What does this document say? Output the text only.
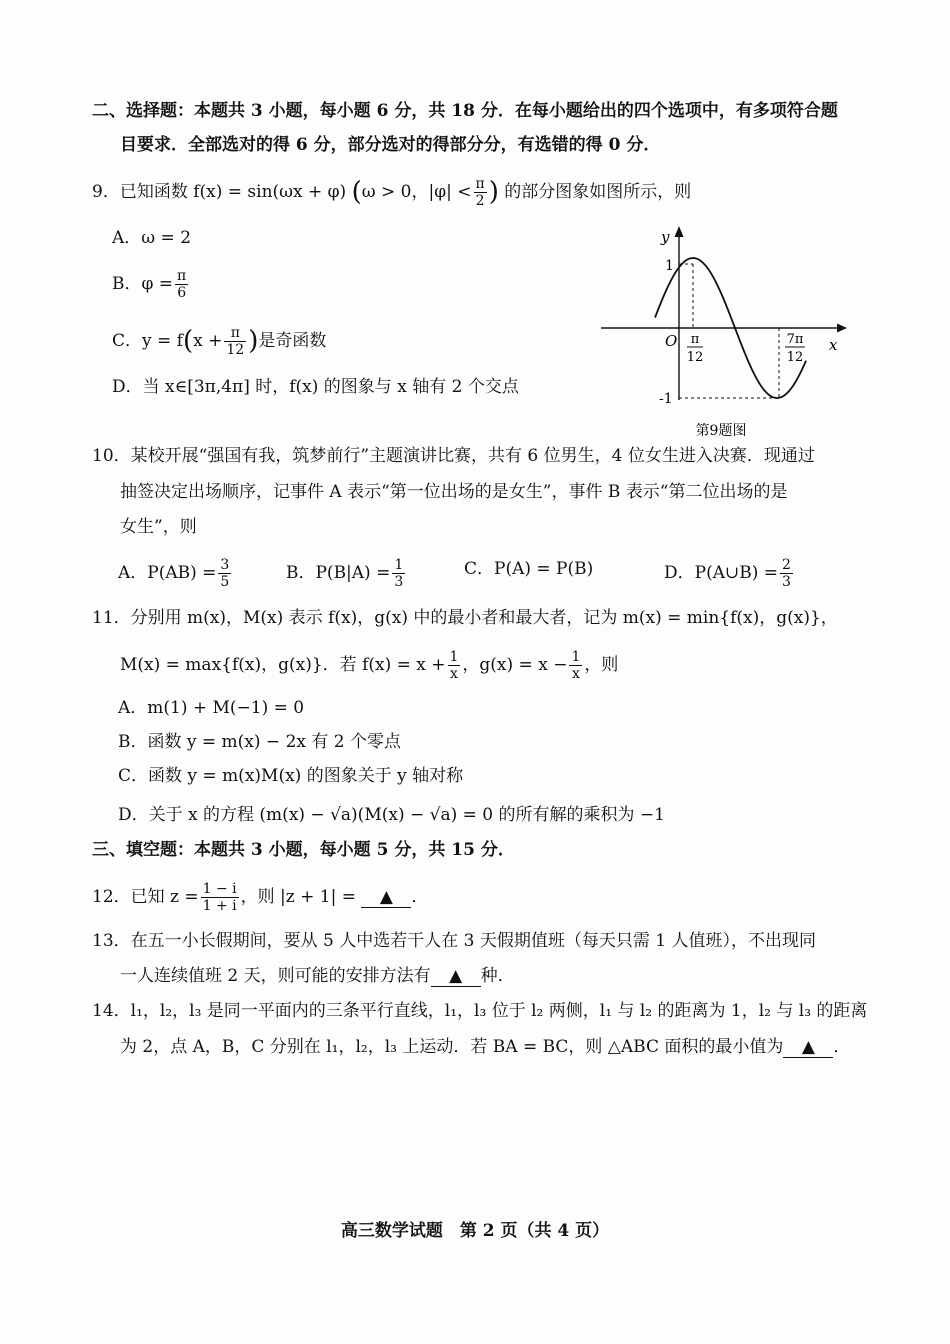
二、选择题：本题共 3 小题，每小题 6 分，共 18 分．在每小题给出的四个选项中，有多项符合题
目要求．全部选对的得 6 分，部分选对的得部分分，有选错的得 0 分．
9．已知函数 f(x) = sin(ωx + φ) (ω > 0，$|\varphi| < \frac{\pi}{2}$ ) 的部分图象如图所示，则
A．ω = 2
B．$\varphi = \frac{\pi}{6}$
C．$y = f(x + \frac{\pi}{12}$ )是奇函数
D．当 x∈[3π,4π] 时，f(x) 的图象与 x 轴有 2 个交点
y
x
O
1
-1
π
12
7π
12
第9题图
10．某校开展“强国有我，筑梦前行”主题演讲比赛，共有 6 位男生，4 位女生进入决赛．现通过
抽签决定出场顺序，记事件 A 表示“第一位出场的是女生”，事件 B 表示“第二位出场的是
女生”，则
A．$P(AB) = \frac{3}{5}$	B．$P(B|A) = \frac{1}{3}$	C．P(A) = P(B)	D．P(A∪B) = $\frac{2}{3}$
11．分别用 m(x)，M(x) 表示 f(x)，g(x) 中的最小者和最大者，记为 m(x) = min{f(x)，g(x)}，
M(x) = max{f(x)，g(x)}．若 $f(x) = x + \frac{1}{x}$ ，$g(x) = x - \frac{1}{x}$ ，则
A．m(1) + M(−1) = 0
B．函数 y = m(x) − 2x 有 2 个零点
C．函数 y = m(x)M(x) 的图象关于 y 轴对称
D．关于 x 的方程 (m(x) − √a)(M(x) − √a) = 0 的所有解的乘积为 −1
三、填空题：本题共 3 小题，每小题 5 分，共 15 分．
12．已知 $z = \frac{1 - i}{1 + i}$ ，则 |z + 1| = ▲ ．
13．在五一小长假期间，要从 5 人中选若干人在 3 天假期值班（每天只需 1 人值班），不出现同
一人连续值班 2 天，则可能的安排方法有 ▲ 种．
14．l₁，l₂，l₃ 是同一平面内的三条平行直线，l₁，l₃ 位于 l₂ 两侧，l₁ 与 l₂ 的距离为 1，l₂ 与 l₃ 的距离
为 2，点 A，B，C 分别在 l₁，l₂，l₃ 上运动．若 BA = BC，则 △ABC 面积的最小值为 ▲ ．
高三数学试题　第 2 页（共 4 页）
